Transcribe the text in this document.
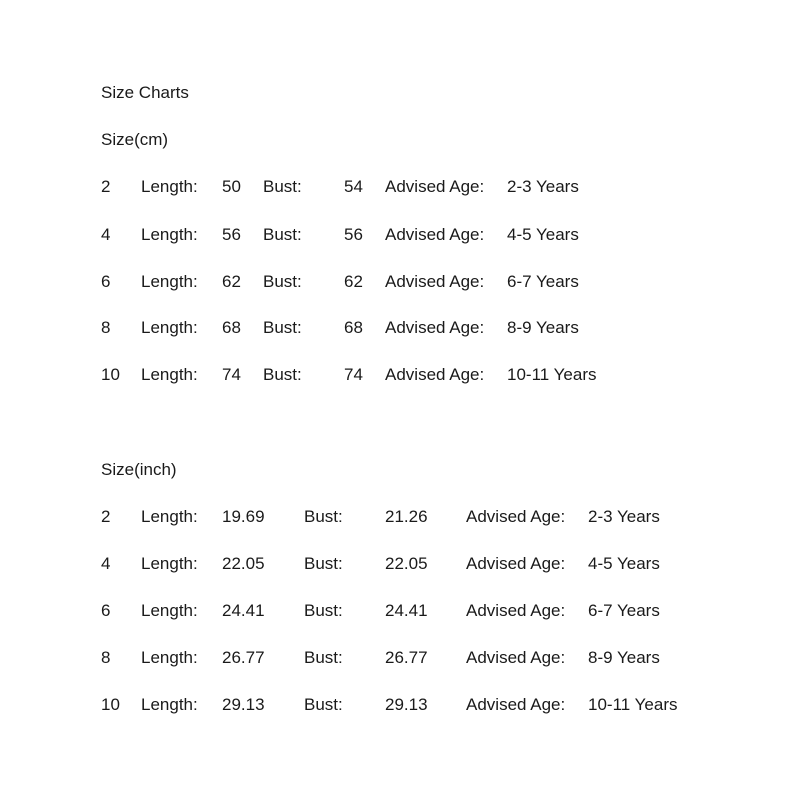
Size Charts
Size(cm)
2 Length: 50 Bust: 54 Advised Age: 2-3 Years
4 Length: 56 Bust: 56 Advised Age: 4-5 Years
6 Length: 62 Bust: 62 Advised Age: 6-7 Years
8 Length: 68 Bust: 68 Advised Age: 8-9 Years
10 Length: 74 Bust: 74 Advised Age: 10-11 Years
Size(inch)
2 Length: 19.69 Bust: 21.26 Advised Age: 2-3 Years
4 Length: 22.05 Bust: 22.05 Advised Age: 4-5 Years
6 Length: 24.41 Bust: 24.41 Advised Age: 6-7 Years
8 Length: 26.77 Bust: 26.77 Advised Age: 8-9 Years
10 Length: 29.13 Bust: 29.13 Advised Age: 10-11 Years
